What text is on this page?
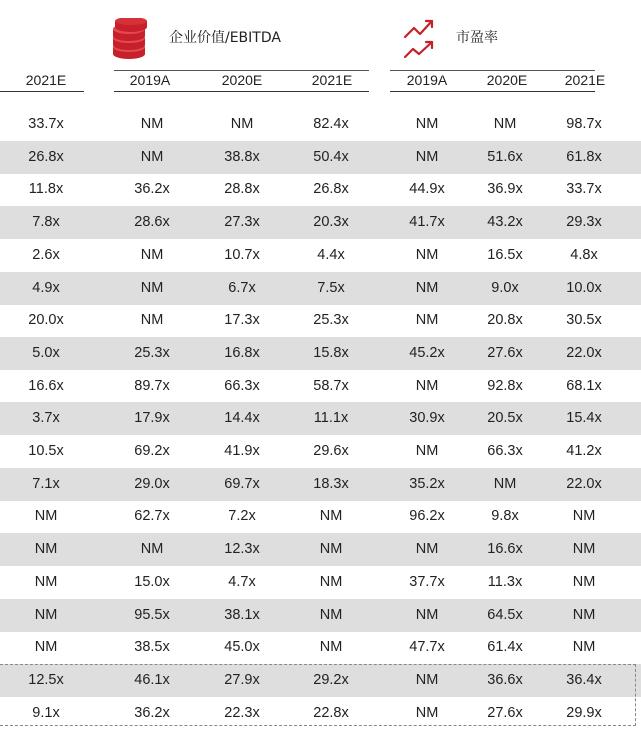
企业价值/EBITDA	市盈率
2021E	2019A	2020E	2021E	2019A	2020E	2021E
33.7x	NM	NM	82.4x	NM	NM	98.7x
26.8x	NM	38.8x	50.4x	NM	51.6x	61.8x
11.8x	36.2x	28.8x	26.8x	44.9x	36.9x	33.7x
7.8x	28.6x	27.3x	20.3x	41.7x	43.2x	29.3x
2.6x	NM	10.7x	4.4x	NM	16.5x	4.8x
4.9x	NM	6.7x	7.5x	NM	9.0x	10.0x
20.0x	NM	17.3x	25.3x	NM	20.8x	30.5x
5.0x	25.3x	16.8x	15.8x	45.2x	27.6x	22.0x
16.6x	89.7x	66.3x	58.7x	NM	92.8x	68.1x
3.7x	17.9x	14.4x	11.1x	30.9x	20.5x	15.4x
10.5x	69.2x	41.9x	29.6x	NM	66.3x	41.2x
7.1x	29.0x	69.7x	18.3x	35.2x	NM	22.0x
NM	62.7x	7.2x	NM	96.2x	9.8x	NM
NM	NM	12.3x	NM	NM	16.6x	NM
NM	15.0x	4.7x	NM	37.7x	11.3x	NM
NM	95.5x	38.1x	NM	NM	64.5x	NM
NM	38.5x	45.0x	NM	47.7x	61.4x	NM
12.5x	46.1x	27.9x	29.2x	NM	36.6x	36.4x
9.1x	36.2x	22.3x	22.8x	NM	27.6x	29.9x
